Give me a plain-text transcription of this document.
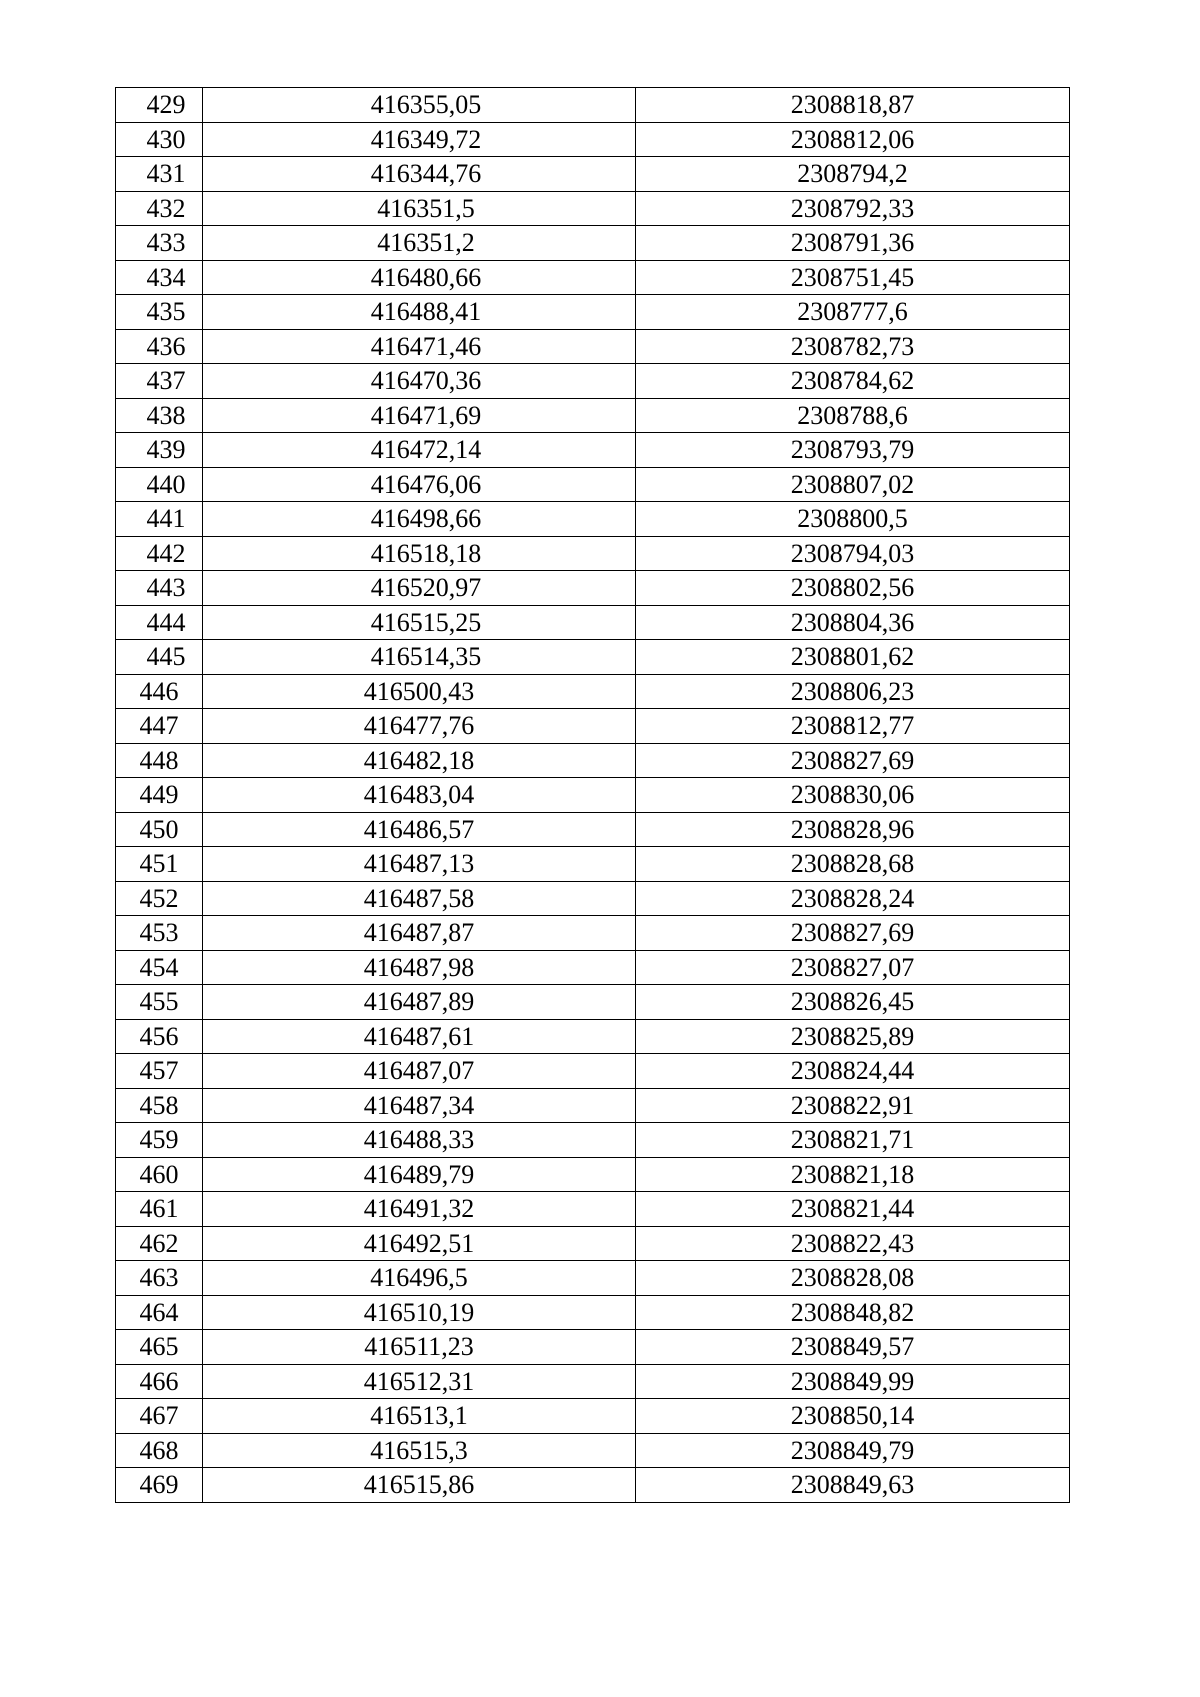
429	416355,05	2308818,87
430	416349,72	2308812,06
431	416344,76	2308794,2
432	416351,5	2308792,33
433	416351,2	2308791,36
434	416480,66	2308751,45
435	416488,41	2308777,6
436	416471,46	2308782,73
437	416470,36	2308784,62
438	416471,69	2308788,6
439	416472,14	2308793,79
440	416476,06	2308807,02
441	416498,66	2308800,5
442	416518,18	2308794,03
443	416520,97	2308802,56
444	416515,25	2308804,36
445	416514,35	2308801,62
446	416500,43	2308806,23
447	416477,76	2308812,77
448	416482,18	2308827,69
449	416483,04	2308830,06
450	416486,57	2308828,96
451	416487,13	2308828,68
452	416487,58	2308828,24
453	416487,87	2308827,69
454	416487,98	2308827,07
455	416487,89	2308826,45
456	416487,61	2308825,89
457	416487,07	2308824,44
458	416487,34	2308822,91
459	416488,33	2308821,71
460	416489,79	2308821,18
461	416491,32	2308821,44
462	416492,51	2308822,43
463	416496,5	2308828,08
464	416510,19	2308848,82
465	416511,23	2308849,57
466	416512,31	2308849,99
467	416513,1	2308850,14
468	416515,3	2308849,79
469	416515,86	2308849,63
